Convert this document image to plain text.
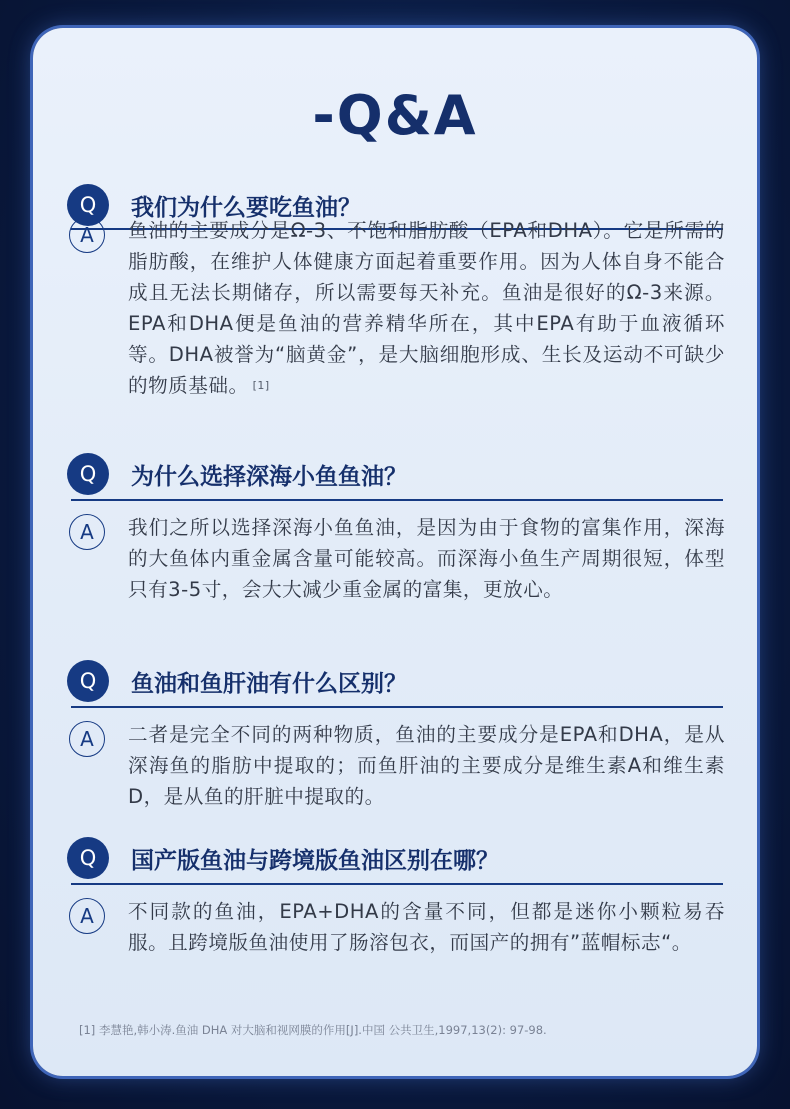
-Q&A
Q	我们为什么要吃鱼油？
A	鱼油的主要成分是Ω-3、不饱和脂肪酸（EPA和DHA）。它是所需的脂肪酸，在维护人体健康方面起着重要作用。因为人体自身不能合成且无法长期储存，所以需要每天补充。鱼油是很好的Ω-3来源。EPA和DHA便是鱼油的营养精华所在，其中EPA有助于血液循环等。DHA被誉为“脑黄金”，是大脑细胞形成、生长及运动不可缺少的物质基础。 [1]
Q	为什么选择深海小鱼鱼油？
A	我们之所以选择深海小鱼鱼油，是因为由于食物的富集作用，深海的大鱼体内重金属含量可能较高。而深海小鱼生产周期很短，体型只有3-5寸，会大大减少重金属的富集，更放心。
Q	鱼油和鱼肝油有什么区别？
A	二者是完全不同的两种物质，鱼油的主要成分是EPA和DHA，是从深海鱼的脂肪中提取的；而鱼肝油的主要成分是维生素A和维生素D，是从鱼的肝脏中提取的。
Q	国产版鱼油与跨境版鱼油区别在哪？
A	不同款的鱼油，EPA+DHA的含量不同，但都是迷你小颗粒易吞服。且跨境版鱼油使用了肠溶包衣，而国产的拥有”蓝帽标志“。
[1] 李慧艳,韩小涛.鱼油 DHA 对大脑和视网膜的作用[J].中国 公共卫生,1997,13(2): 97-98.
